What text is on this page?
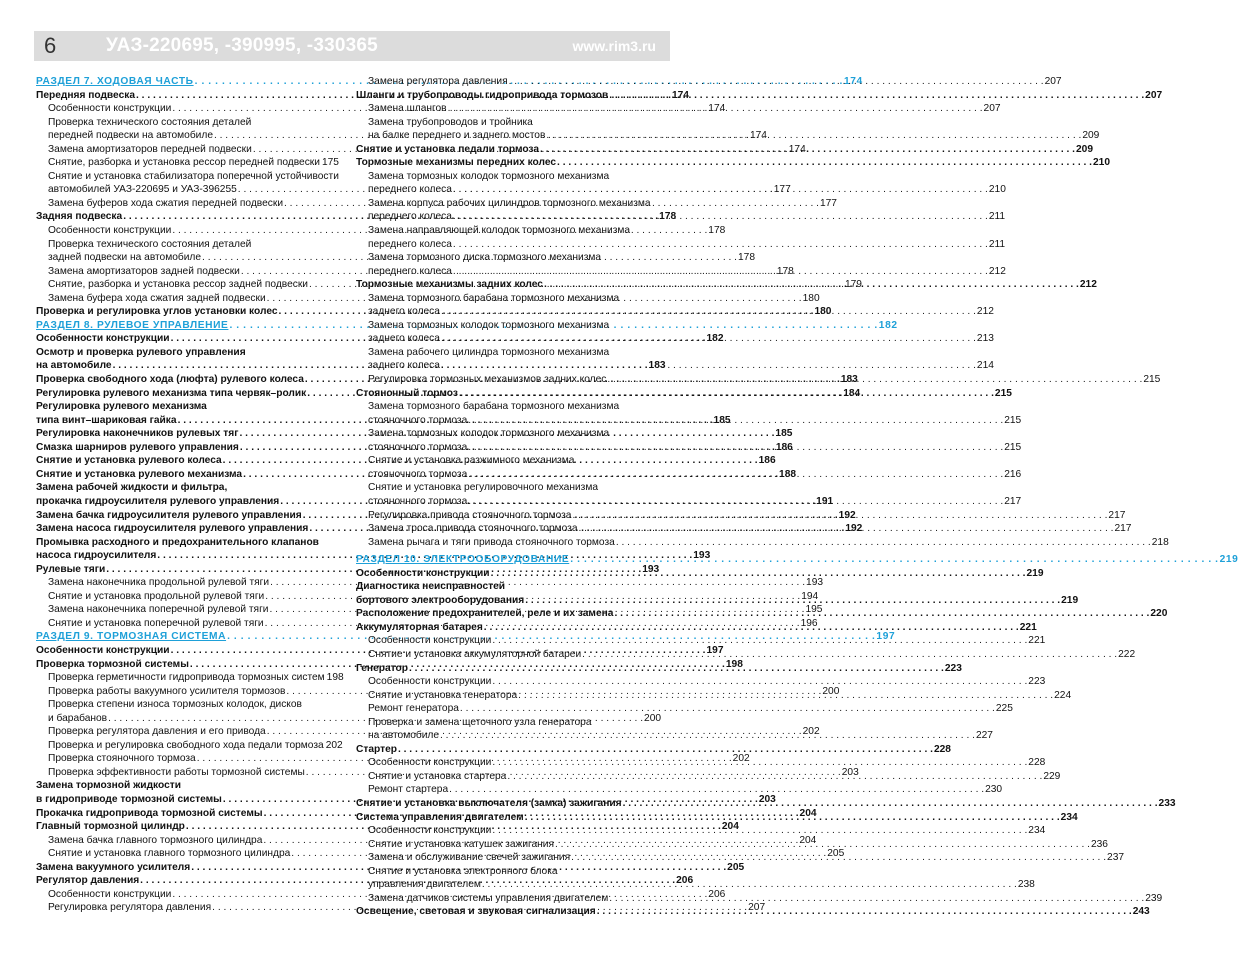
6	УАЗ-220695, -390995, -330365	www.rim3.ru
РАЗДЕЛ 7. ХОДОВАЯ ЧАСТЬ . . .	174
Передняя подвеска . . .	174
Особенности конструкции . . .	174
Проверка технического состояния деталей
передней подвески на автомобиле . . .	174
Замена амортизаторов передней подвески . . .	174
Снятие, разборка и установка рессор передней подвески 175
Снятие и установка стабилизатора поперечной устойчивости
автомобилей УАЗ-220695 и УАЗ-396255 . . .	177
Замена буферов хода сжатия передней подвески . . .	177
Задняя подвеска . . .	178
Особенности конструкции . . .	178
Проверка технического состояния деталей
задней подвески на автомобиле . . .	178
Замена амортизаторов задней подвески . . .	178
Снятие, разборка и установка рессор задней подвески . . .	179
Замена буфера хода сжатия задней подвески . . .	180
Проверка и регулировка углов установки колес . . .	180
РАЗДЕЛ 8. РУЛЕВОЕ УПРАВЛЕНИЕ . . .	182
Особенности конструкции . . .	182
Осмотр и проверка рулевого управления
на автомобиле . . .	183
Проверка свободного хода (люфта) рулевого колеса . . .	183
Регулировка рулевого механизма типа червяк–ролик . . .	184
Регулировка рулевого механизма
типа винт–шариковая гайка . . .	185
Регулировка наконечников рулевых тяг . . .	185
Смазка шарниров рулевого управления . . .	186
Снятие и установка рулевого колеса . . .	186
Снятие и установка рулевого механизма . . .	188
Замена рабочей жидкости и фильтра,
прокачка гидроусилителя рулевого управления . . .	191
Замена бачка гидроусилителя рулевого управления . . .	192
Замена насоса гидроусилителя рулевого управления . . .	192
Промывка расходного и предохранительного клапанов
насоса гидроусилителя . . .	193
Рулевые тяги . . .	193
Замена наконечника продольной рулевой тяги . . .	193
Снятие и установка продольной рулевой тяги . . .	194
Замена наконечника поперечной рулевой тяги . . .	195
Снятие и установка поперечной рулевой тяги . . .	196
РАЗДЕЛ 9. ТОРМОЗНАЯ СИСТЕМА . . .	197
Особенности конструкции . . .	197
Проверка тормозной системы . . .	198
Проверка герметичности гидропривода тормозных систем 198
Проверка работы вакуумного усилителя тормозов . . .	200
Проверка степени износа тормозных колодок, дисков
и барабанов . . .	200
Проверка регулятора давления и его привода . . .	202
Проверка и регулировка свободного хода педали тормоза 202
Проверка стояночного тормоза . . .	202
Проверка эффективности работы тормозной системы . . .	203
Замена тормозной жидкости
в гидроприводе тормозной системы . . .	203
Прокачка гидропривода тормозной системы . . .	204
Главный тормозной цилиндр . . .	204
Замена бачка главного тормозного цилиндра . . .	204
Снятие и установка главного тормозного цилиндра . . .	205
Замена вакуумного усилителя . . .	205
Регулятор давления . . .	206
Особенности конструкции . . .	206
Регулировка регулятора давления . . .	207
Замена регулятора давления . . .	207
Шланги и трубопроводы гидропривода тормозов . . .	207
Замена шлангов . . .	207
Замена трубопроводов и тройника
на балке переднего и заднего мостов . . .	209
Снятие и установка педали тормоза . . .	209
Тормозные механизмы передних колес . . .	210
Замена тормозных колодок тормозного механизма
переднего колеса . . .	210
Замена корпуса рабочих цилиндров тормозного механизма
переднего колеса . . .	211
Замена направляющей колодок тормозного механизма
переднего колеса . . .	211
Замена тормозного диска тормозного механизма
переднего колеса . . .	212
Тормозные механизмы задних колес . . .	212
Замена тормозного барабана тормозного механизма
заднего колеса . . .	212
Замена тормозных колодок тормозного механизма
заднего колеса . . .	213
Замена рабочего цилиндра тормозного механизма
заднего колеса . . .	214
Регулировка тормозных механизмов задних колес . . .	215
Стояночный тормоз . . .	215
Замена тормозного барабана тормозного механизма
стояночного тормоза . . .	215
Замена тормозных колодок тормозного механизма
стояночного тормоза . . .	215
Снятие и установка разжимного механизма
стояночного тормоза . . .	216
Снятие и установка регулировочного механизма
стояночного тормоза . . .	217
Регулировка привода стояночного тормоза . . .	217
Замена троса привода стояночного тормоза . . .	217
Замена рычага и тяги привода стояночного тормоза . . .	218
РАЗДЕЛ 10. ЭЛЕКТРООБОРУДОВАНИЕ . . .	219
Особенности конструкции . . .	219
Диагностика неисправностей
бортового электрооборудования . . .	219
Расположение предохранителей, реле и их замена . . .	220
Аккумуляторная батарея . . .	221
Особенности конструкции . . .	221
Снятие и установка аккумуляторной батареи . . .	222
Генератор . . .	223
Особенности конструкции . . .	223
Снятие и установка генератора . . .	224
Ремонт генератора . . .	225
Проверка и замена щеточного узла генератора
на автомобиле . . .	227
Стартер . . .	228
Особенности конструкции . . .	228
Снятие и установка стартера . . .	229
Ремонт стартера . . .	230
Снятие и установка выключателя (замка) зажигания . . .	233
Система управления двигателем . . .	234
Особенности конструкции . . .	234
Снятие и установка катушек зажигания . . .	236
Замена и обслуживание свечей зажигания . . .	237
Снятие и установка электронного блока
управления двигателем . . .	238
Замена датчиков системы управления двигателем . . .	239
Освещение, световая и звуковая сигнализация . . .	243
